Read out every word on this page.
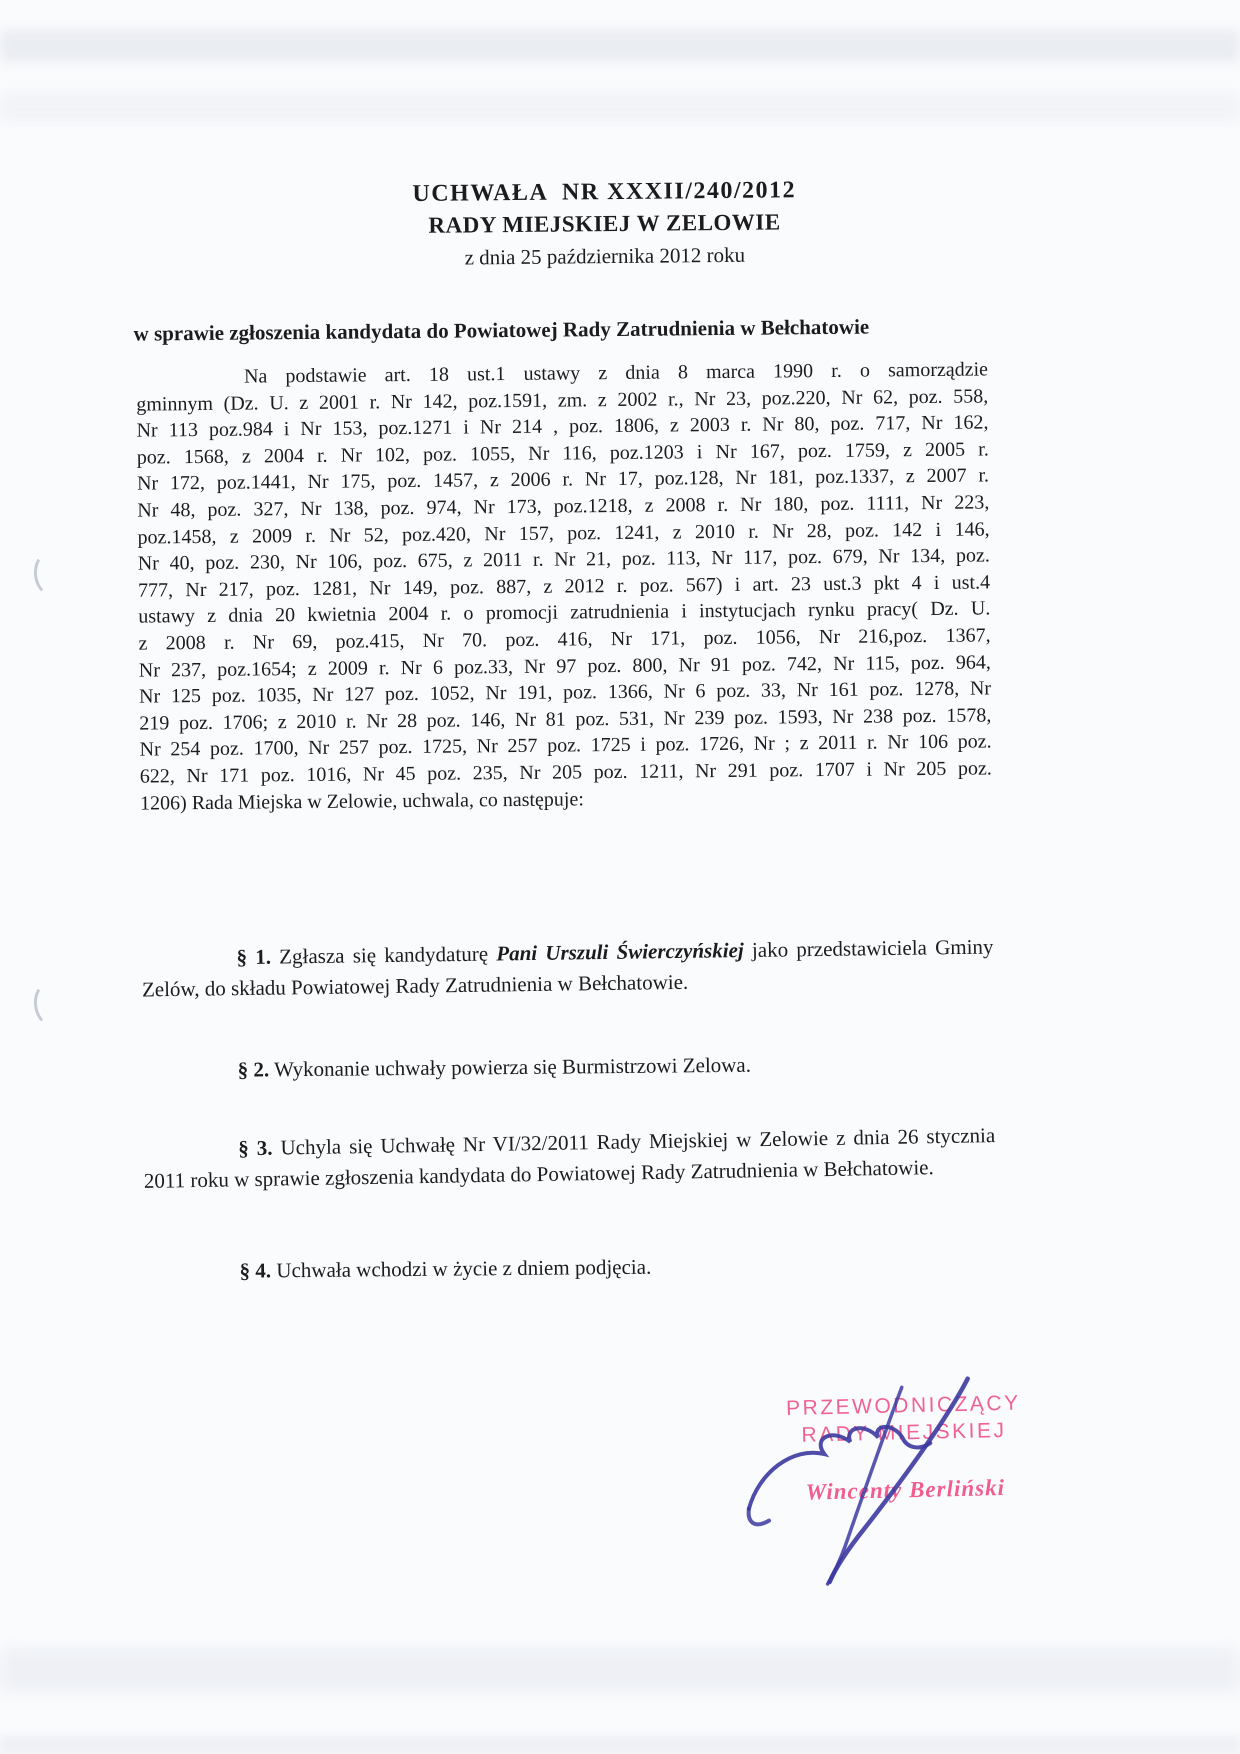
UCHWAŁA  NR XXXII/240/2012
RADY MIEJSKIEJ W ZELOWIE
z dnia 25 października 2012 roku
w sprawie zgłoszenia kandydata do Powiatowej Rady Zatrudnienia w Bełchatowie
Na podstawie art. 18 ust.1 ustawy z dnia 8 marca 1990 r. o samorządzie
gminnym (Dz. U. z 2001 r. Nr 142, poz.1591, zm. z 2002 r., Nr 23, poz.220, Nr 62, poz. 558,
Nr 113 poz.984 i Nr 153, poz.1271 i Nr 214 , poz. 1806, z 2003 r. Nr 80, poz. 717, Nr 162,
poz. 1568, z 2004 r. Nr 102, poz. 1055, Nr 116, poz.1203 i Nr 167, poz. 1759, z 2005 r.
Nr 172, poz.1441, Nr 175, poz. 1457, z 2006 r. Nr 17, poz.128, Nr 181, poz.1337, z 2007 r.
Nr 48, poz. 327, Nr 138, poz. 974, Nr 173, poz.1218, z 2008 r. Nr 180, poz. 1111, Nr 223,
poz.1458, z 2009 r. Nr 52, poz.420, Nr 157, poz. 1241, z 2010 r. Nr 28, poz. 142 i 146,
Nr 40, poz. 230, Nr 106, poz. 675, z 2011 r. Nr 21, poz. 113, Nr 117, poz. 679, Nr 134, poz.
777, Nr 217, poz. 1281, Nr 149, poz. 887, z 2012 r. poz. 567) i art. 23 ust.3 pkt 4 i ust.4
ustawy z dnia 20 kwietnia 2004 r. o promocji zatrudnienia i instytucjach rynku pracy( Dz. U.
z 2008 r. Nr 69, poz.415, Nr 70. poz. 416, Nr 171, poz. 1056, Nr 216,poz. 1367,
Nr 237, poz.1654; z 2009 r. Nr 6 poz.33, Nr 97 poz. 800, Nr 91 poz. 742, Nr 115, poz. 964,
Nr 125 poz. 1035, Nr 127 poz. 1052, Nr 191, poz. 1366, Nr 6 poz. 33, Nr 161 poz. 1278, Nr
219 poz. 1706; z 2010 r. Nr 28 poz. 146, Nr 81 poz. 531, Nr 239 poz. 1593, Nr 238 poz. 1578,
Nr 254 poz. 1700, Nr 257 poz. 1725, Nr 257 poz. 1725 i poz. 1726, Nr ; z 2011 r. Nr 106 poz.
622, Nr 171 poz. 1016, Nr 45 poz. 235, Nr 205 poz. 1211, Nr 291 poz. 1707 i Nr 205 poz.
1206) Rada Miejska w Zelowie, uchwala, co następuje:

§ 1. Zgłasza się kandydaturę Pani Urszuli Świerczyńskiej jako przedstawiciela Gminy Zelów, do składu Powiatowej Rady Zatrudnienia w Bełchatowie.

§ 2. Wykonanie uchwały powierza się Burmistrzowi Zelowa.

§ 3. Uchyla się Uchwałę Nr VI/32/2011 Rady Miejskiej w Zelowie z dnia 26 stycznia 2011 roku w sprawie zgłoszenia kandydata do Powiatowej Rady Zatrudnienia w Bełchatowie.

§ 4. Uchwała wchodzi w życie z dniem podjęcia.

PRZEWODNICZĄCY
RADY MIEJSKIEJ
Wincenty Berliński
